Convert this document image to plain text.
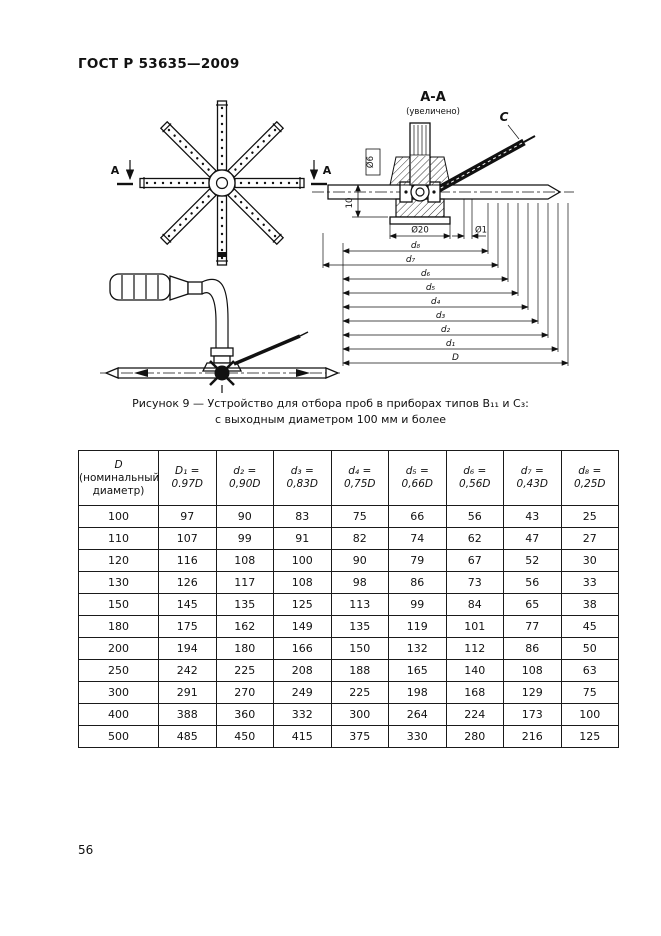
ГОСТ Р 53635—2009
А	А
А-А
(увеличено)	С
10
Ø6
Ø20	Ø1
d₈
d₇
d₆
d₅
d₄
d₃
d₂
d₁
D
Рисунок 9 — Устройство для отбора проб в приборах типов В₁₁ и С₃:
с выходным диаметром 100 мм и более
D
(номинальный диаметр)	D₁ = 0.97D	d₂ = 0,90D	d₃ = 0,83D	d₄ = 0,75D	d₅ = 0,66D	d₆ = 0,56D	d₇ = 0,43D	d₈ = 0,25D
100	97	90	83	75	66	56	43	25
110	107	99	91	82	74	62	47	27
120	116	108	100	90	79	67	52	30
130	126	117	108	98	86	73	56	33
150	145	135	125	113	99	84	65	38
180	175	162	149	135	119	101	77	45
200	194	180	166	150	132	112	86	50
250	242	225	208	188	165	140	108	63
300	291	270	249	225	198	168	129	75
400	388	360	332	300	264	224	173	100
500	485	450	415	375	330	280	216	125
56
